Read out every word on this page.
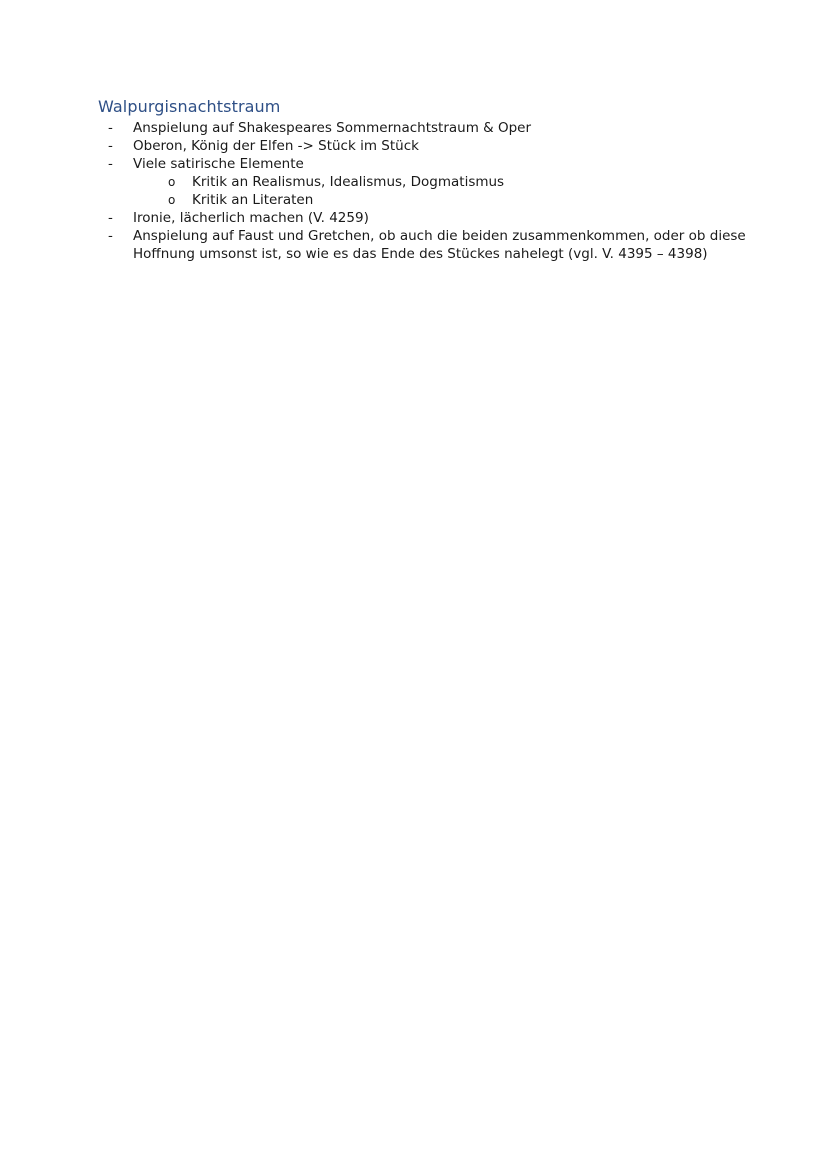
Walpurgisnachtstraum
- Anspielung auf Shakespeares Sommernachtstraum & Oper
- Oberon, König der Elfen -> Stück im Stück
- Viele satirische Elemente
o Kritik an Realismus, Idealismus, Dogmatismus
o Kritik an Literaten
- Ironie, lächerlich machen (V. 4259)
- Anspielung auf Faust und Gretchen, ob auch die beiden zusammenkommen, oder ob diese
Hoffnung umsonst ist, so wie es das Ende des Stückes nahelegt (vgl. V. 4395 – 4398)
